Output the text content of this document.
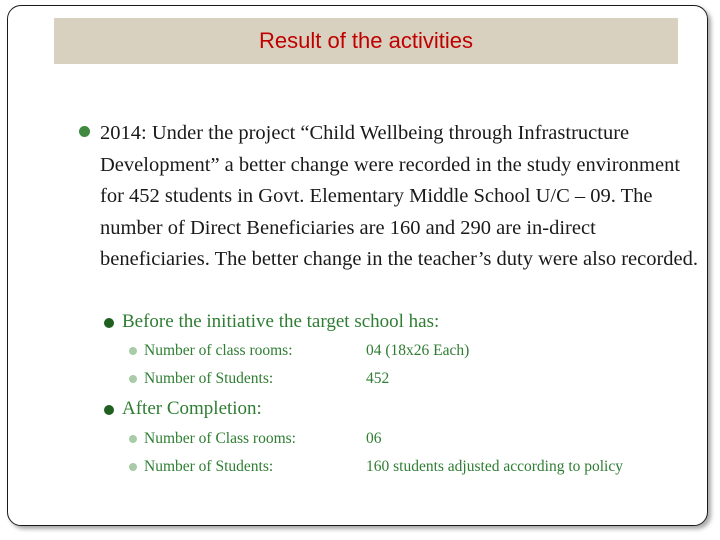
Result of the activities
2014: Under the project “Child Wellbeing through Infrastructure Development” a better change were recorded in the study environment for 452 students in Govt. Elementary Middle School U/C – 09. The number of Direct Beneficiaries are 160 and 290 are in-direct beneficiaries. The better change in the teacher’s duty were also recorded.
Before the initiative the target school has:
Number of class rooms:	04 (18x26 Each)
Number of Students:	452
After Completion:
Number of Class rooms:	06
Number of Students:	160 students adjusted according to policy
